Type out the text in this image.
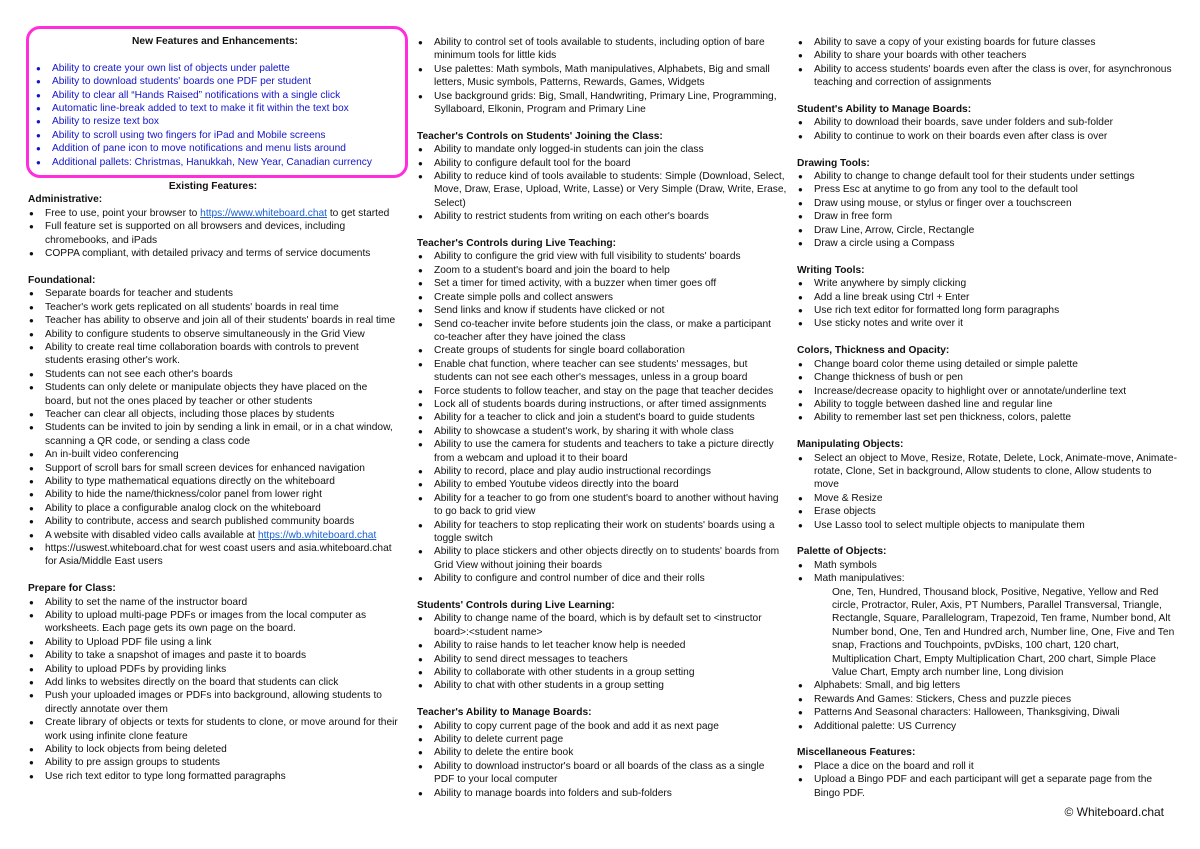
New Features and Enhancements:
● Ability to create your own list of objects under palette
● Ability to download students' boards one PDF per student
● Ability to clear all “Hands Raised” notifications with a single click
● Automatic line-break added to text to make it fit within the text box
● Ability to resize text box
● Ability to scroll using two fingers for iPad and Mobile screens
● Addition of pane icon to move notifications and menu lists around
● Additional pallets: Christmas, Hanukkah, New Year, Canadian currency
Existing Features:
Administrative:
● Free to use, point your browser to https://www.whiteboard.chat to get started
● Full feature set is supported on all browsers and devices, including chromebooks, and iPads
● COPPA compliant, with detailed privacy and terms of service documents
Foundational:
● Separate boards for teacher and students
● Teacher's work gets replicated on all students' boards in real time
● Teacher has ability to observe and join all of their students' boards in real time
● Ability to configure students to observe simultaneously in the Grid View
● Ability to create real time collaboration boards with controls to prevent students erasing other's work.
● Students can not see each other's boards
● Students can only delete or manipulate objects they have placed on the board, but not the ones placed by teacher or other students
● Teacher can clear all objects, including those places by students
● Students can be invited to join by sending a link in email, or in a chat window, scanning a QR code, or sending a class code
● An in-built video conferencing
● Support of scroll bars for small screen devices for enhanced navigation
● Ability to type mathematical equations directly on the whiteboard
● Ability to hide the name/thickness/color panel from lower right
● Ability to place a configurable analog clock on the whiteboard
● Ability to contribute, access and search published community boards
● A website with disabled video calls available at https://wb.whiteboard.chat
● https://uswest.whiteboard.chat for west coast users and asia.whiteboard.chat for Asia/Middle East users
Prepare for Class:
● Ability to set the name of the instructor board
● Ability to upload multi-page PDFs or images from the local computer as worksheets. Each page gets its own page on the board.
● Ability to Upload PDF file using a link
● Ability to take a snapshot of images and paste it to boards
● Ability to upload PDFs by providing links
● Add links to websites directly on the board that students can click
● Push your uploaded images or PDFs into background, allowing students to directly annotate over them
● Create library of objects or texts for students to clone, or move around for their work using infinite clone feature
● Ability to lock objects from being deleted
● Ability to pre assign groups to students
● Use rich text editor to type long formatted paragraphs
● Ability to control set of tools available to students, including option of bare minimum tools for little kids
● Use palettes: Math symbols, Math manipulatives, Alphabets, Big and small letters, Music symbols, Patterns, Rewards, Games, Widgets
● Use background grids: Big, Small, Handwriting, Primary Line, Programming, Syllaboard, Elkonin, Program and Primary Line
Teacher's Controls on Students' Joining the Class:
● Ability to mandate only logged-in students can join the class
● Ability to configure default tool for the board
● Ability to reduce kind of tools available to students: Simple (Download, Select, Move, Draw, Erase, Upload, Write, Lasse) or Very Simple (Draw, Write, Erase, Select)
● Ability to restrict students from writing on each other's boards
Teacher's Controls during Live Teaching:
● Ability to configure the grid view with full visibility to students' boards
● Zoom to a student's board and join the board to help
● Set a timer for timed activity, with a buzzer when timer goes off
● Create simple polls and collect answers
● Send links and know if students have clicked or not
● Send co-teacher invite before students join the class, or make a participant co-teacher after they have joined the class
● Create groups of students for single board collaboration
● Enable chat function, where teacher can see students' messages, but students can not see each other's messages, unless in a group board
● Force students to follow teacher, and stay on the page that teacher decides
● Lock all of students boards during instructions, or after timed assignments
● Ability for a teacher to click and join a student's board to guide students
● Ability to showcase a student's work, by sharing it with whole class
● Ability to use the camera for students and teachers to take a picture directly from a webcam and upload it to their board
● Ability to record, place and play audio instructional recordings
● Ability to embed Youtube videos directly into the board
● Ability for a teacher to go from one student's board to another without having to go back to grid view
● Ability for teachers to stop replicating their work on students' boards using a toggle switch
● Ability to place stickers and other objects directly on to students' boards from Grid View without joining their boards
● Ability to configure and control number of dice and their rolls
Students' Controls during Live Learning:
● Ability to change name of the board, which is by default set to <instructor board>:<student name>
● Ability to raise hands to let teacher know help is needed
● Ability to send direct messages to teachers
● Ability to collaborate with other students in a group setting
● Ability to chat with other students in a group setting
Teacher's Ability to Manage Boards:
● Ability to copy current page of the book and add it as next page
● Ability to delete current page
● Ability to delete the entire book
● Ability to download instructor's board or all boards of the class as a single PDF to your local computer
● Ability to manage boards into folders and sub-folders
● Ability to save a copy of your existing boards for future classes
● Ability to share your boards with other teachers
● Ability to access students' boards even after the class is over, for asynchronous teaching and correction of assignments
Student's Ability to Manage Boards:
● Ability to download their boards, save under folders and sub-folder
● Ability to continue to work on their boards even after class is over
Drawing Tools:
● Ability to change to change default tool for their students under settings
● Press Esc at anytime to go from any tool to the default tool
● Draw using mouse, or stylus or finger over a touchscreen
● Draw in free form
● Draw Line, Arrow, Circle, Rectangle
● Draw a circle using a Compass
Writing Tools:
● Write anywhere by simply clicking
● Add a line break using Ctrl + Enter
● Use rich text editor for formatted long form paragraphs
● Use sticky notes and write over it
Colors, Thickness and Opacity:
● Change board color theme using detailed or simple palette
● Change thickness of bush or pen
● Increase/decrease opacity to highlight over or annotate/underline text
● Ability to toggle between dashed line and regular line
● Ability to remember last set pen thickness, colors, palette
Manipulating Objects:
● Select an object to Move, Resize, Rotate, Delete, Lock, Animate-move, Animate-rotate, Clone, Set in background, Allow students to clone, Allow students to move
● Move & Resize
● Erase objects
● Use Lasso tool to select multiple objects to manipulate them
Palette of Objects:
● Math symbols
● Math manipulatives:
One, Ten, Hundred, Thousand block, Positive, Negative, Yellow and Red circle, Protractor, Ruler, Axis, PT Numbers, Parallel Transversal, Triangle, Rectangle, Square, Parallelogram, Trapezoid, Ten frame, Number bond, Alt Number bond, One, Ten and Hundred arch, Number line, One, Five and Ten snap, Fractions and Touchpoints, pvDisks, 100 chart, 120 chart, Multiplication Chart, Empty Multiplication Chart, 200 chart, Simple Place Value Chart, Empty arch number line, Long division
● Alphabets: Small, and big letters
● Rewards And Games: Stickers, Chess and puzzle pieces
● Patterns And Seasonal characters: Halloween, Thanksgiving, Diwali
● Additional palette: US Currency
Miscellaneous Features:
● Place a dice on the board and roll it
● Upload a Bingo PDF and each participant will get a separate page from the Bingo PDF.
© Whiteboard.chat
